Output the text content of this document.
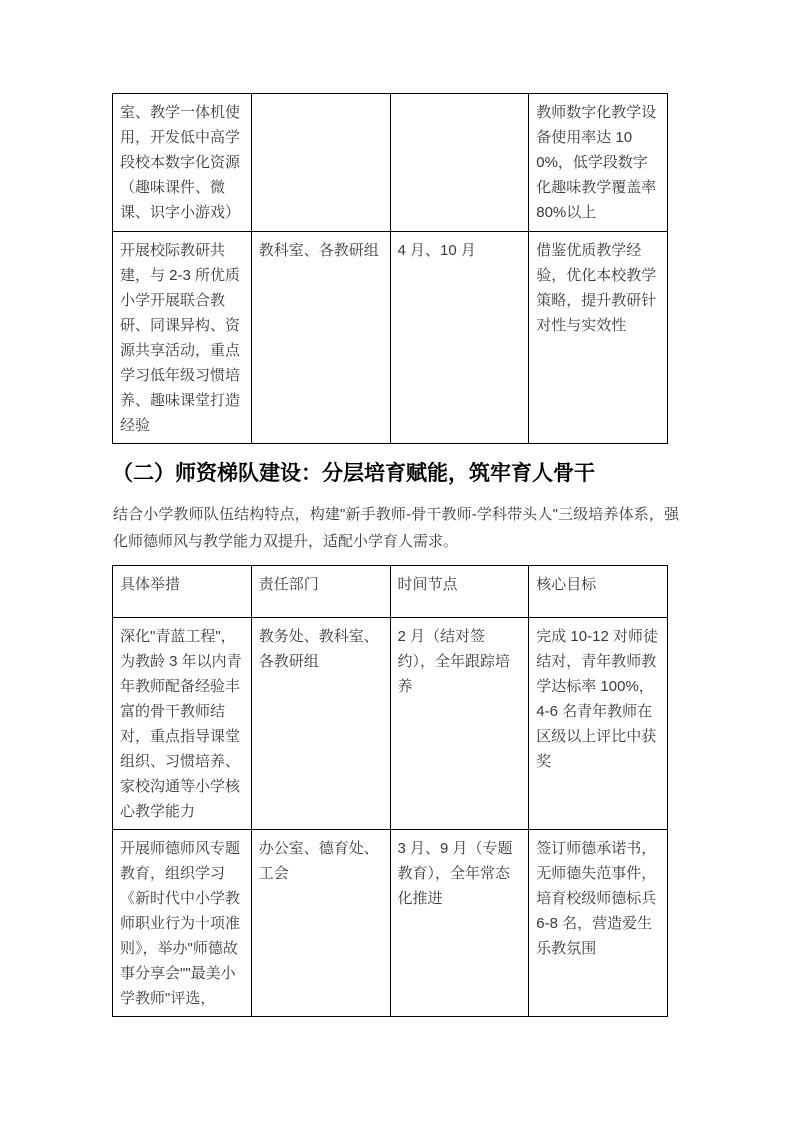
室、教学一体机使用，开发低中高学段校本数字化资源（趣味课件、微课、识字小游戏）			教师数字化教学设备使用率达 100%，低学段数字化趣味教学覆盖率 80%以上
开展校际教研共建，与 2-3 所优质小学开展联合教研、同课异构、资源共享活动，重点学习低年级习惯培养、趣味课堂打造经验	教科室、各教研组	4 月、10 月	借鉴优质教学经验，优化本校教学策略，提升教研针对性与实效性
（二）师资梯队建设：分层培育赋能，筑牢育人骨干
结合小学教师队伍结构特点，构建"新手教师-骨干教师-学科带头人"三级培养体系，强化师德师风与教学能力双提升，适配小学育人需求。
具体举措	责任部门	时间节点	核心目标
深化"青蓝工程"，为教龄 3 年以内青年教师配备经验丰富的骨干教师结对，重点指导课堂组织、习惯培养、家校沟通等小学核心教学能力	教务处、教科室、各教研组	2 月（结对签约），全年跟踪培养	完成 10-12 对师徒结对，青年教师教学达标率 100%，4-6 名青年教师在区级以上评比中获奖
开展师德师风专题教育，组织学习《新时代中小学教师职业行为十项准则》，举办"师德故事分享会""最美小学教师"评选，	办公室、德育处、工会	3 月、9 月（专题教育），全年常态化推进	签订师德承诺书，无师德失范事件，培育校级师德标兵 6-8 名，营造爱生乐教氛围
